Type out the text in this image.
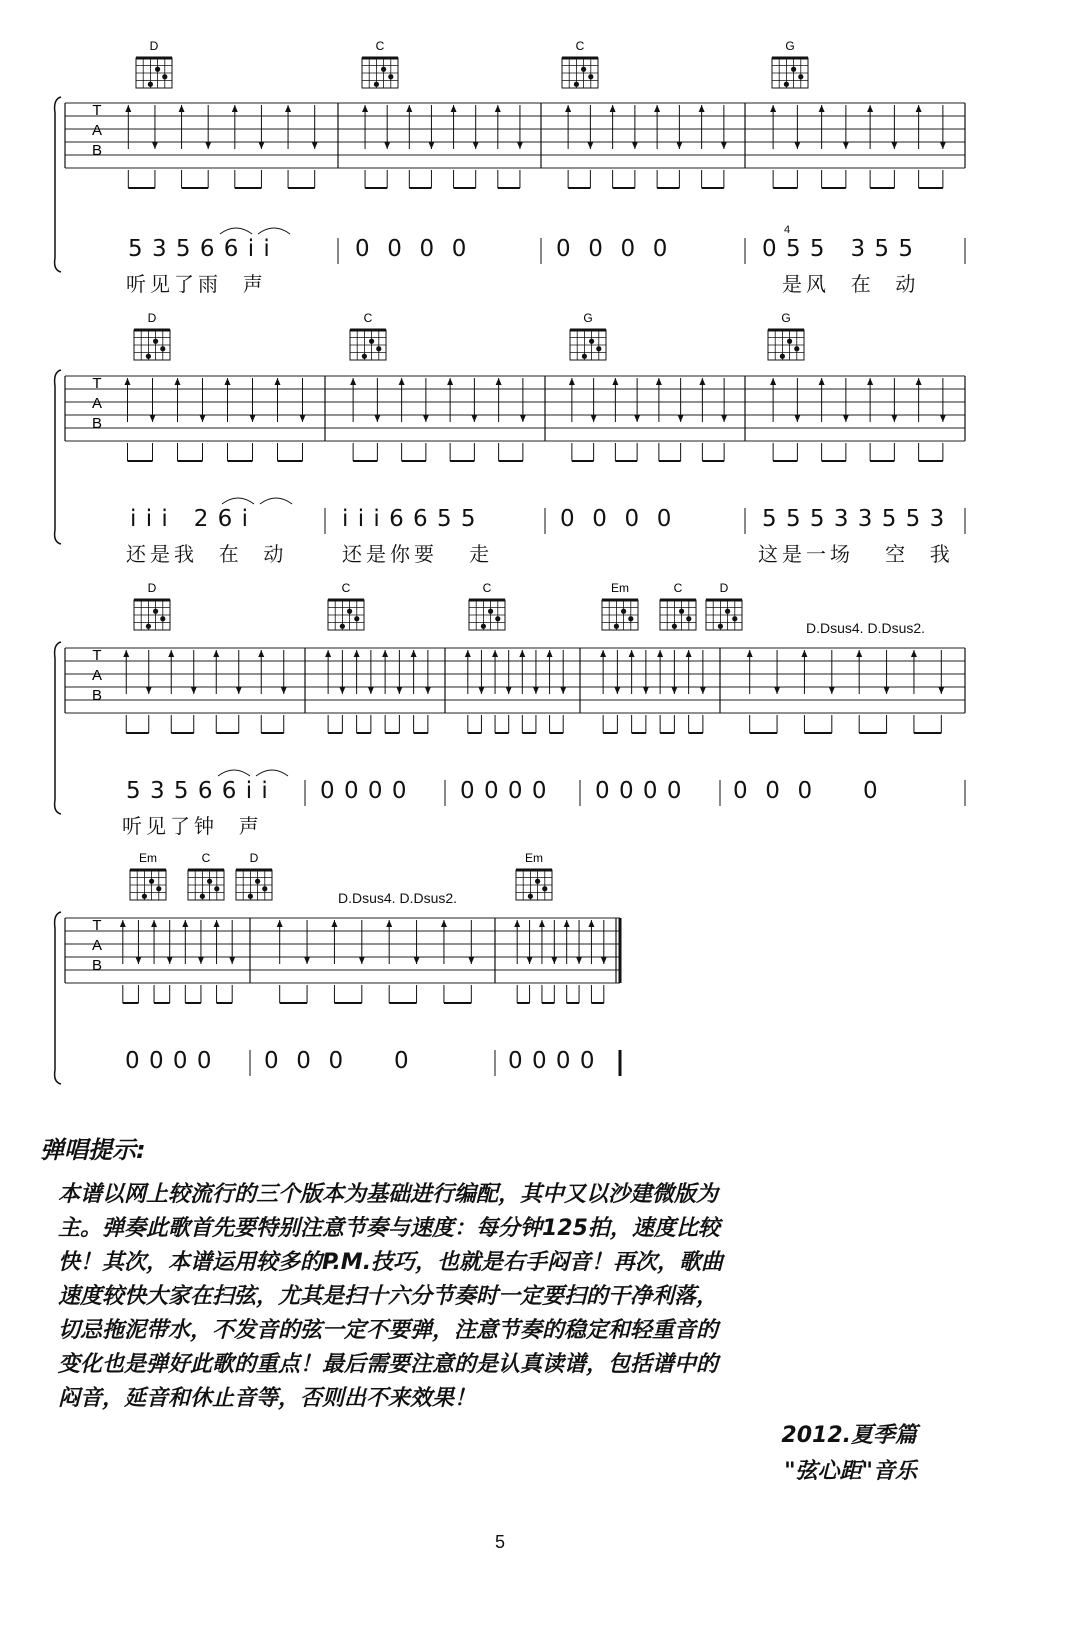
T
A
B
D	C	C	G
T
A
B
D	C	G	G
T
A
B
D	C	C	Em	C	D
T
A
B
Em	C	D	Em
5 3 5 6 6 i i	0  0  0  0	0  0  0  0	0 5 5   3 5 5
听见了雨  声	是风  在  动
i i i   2 6 i	i i i 6 6 5 5	0  0  0  0	5 5 5 3 3 5 5 3
还是我  在  动	还是你要   走	这是一场   空  我
5 3 5 6 6 i i 0 0 0 0 0 0 0 0 0 0 0 0 0  0  0      0
听见了钟  声
D.Dsus4. D.Dsus2.
0 0 0 0 0  0  0      0	0 0 0 0
D.Dsus4. D.Dsus2.
4
弹唱提示:
本谱以网上较流行的三个版本为基础进行编配，其中又以沙建微版为
主。弹奏此歌首先要特别注意节奏与速度：每分钟125拍，速度比较
快！其次，本谱运用较多的P.M.技巧，也就是右手闷音！再次，歌曲
速度较快大家在扫弦，尤其是扫十六分节奏时一定要扫的干净利落，
切忌拖泥带水，不发音的弦一定不要弹，注意节奏的稳定和轻重音的
变化也是弹好此歌的重点！最后需要注意的是认真读谱，包括谱中的
闷音，延音和休止音等，否则出不来效果！
2012.夏季篇
"弦心距"音乐
5
